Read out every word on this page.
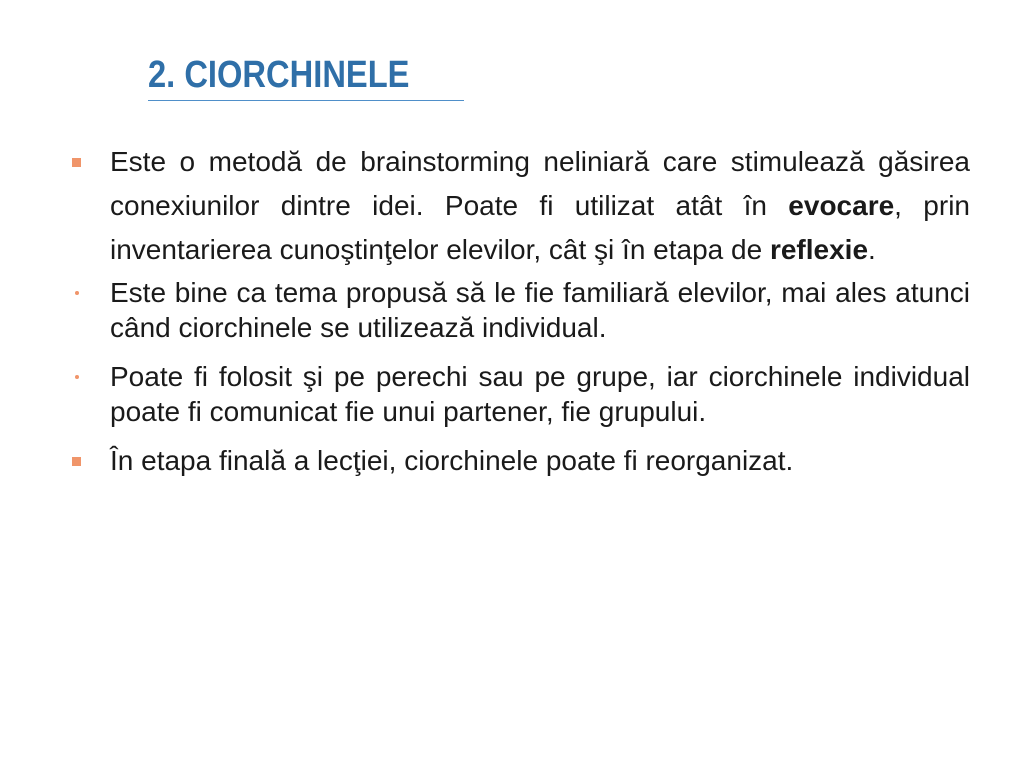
2. CIORCHINELE
Este o metodă de brainstorming neliniară care stimulează găsirea conexiunilor dintre idei. Poate fi utilizat atât în evocare, prin inventarierea cunoştinţelor elevilor, cât şi în etapa de reflexie.
Este bine ca tema propusă să le fie familiară elevilor, mai ales atunci când ciorchinele se utilizează individual.
Poate fi folosit şi pe perechi sau pe grupe, iar ciorchinele individual poate fi comunicat fie unui partener, fie grupului.
În etapa finală a lecţiei, ciorchinele poate fi reorganizat.
